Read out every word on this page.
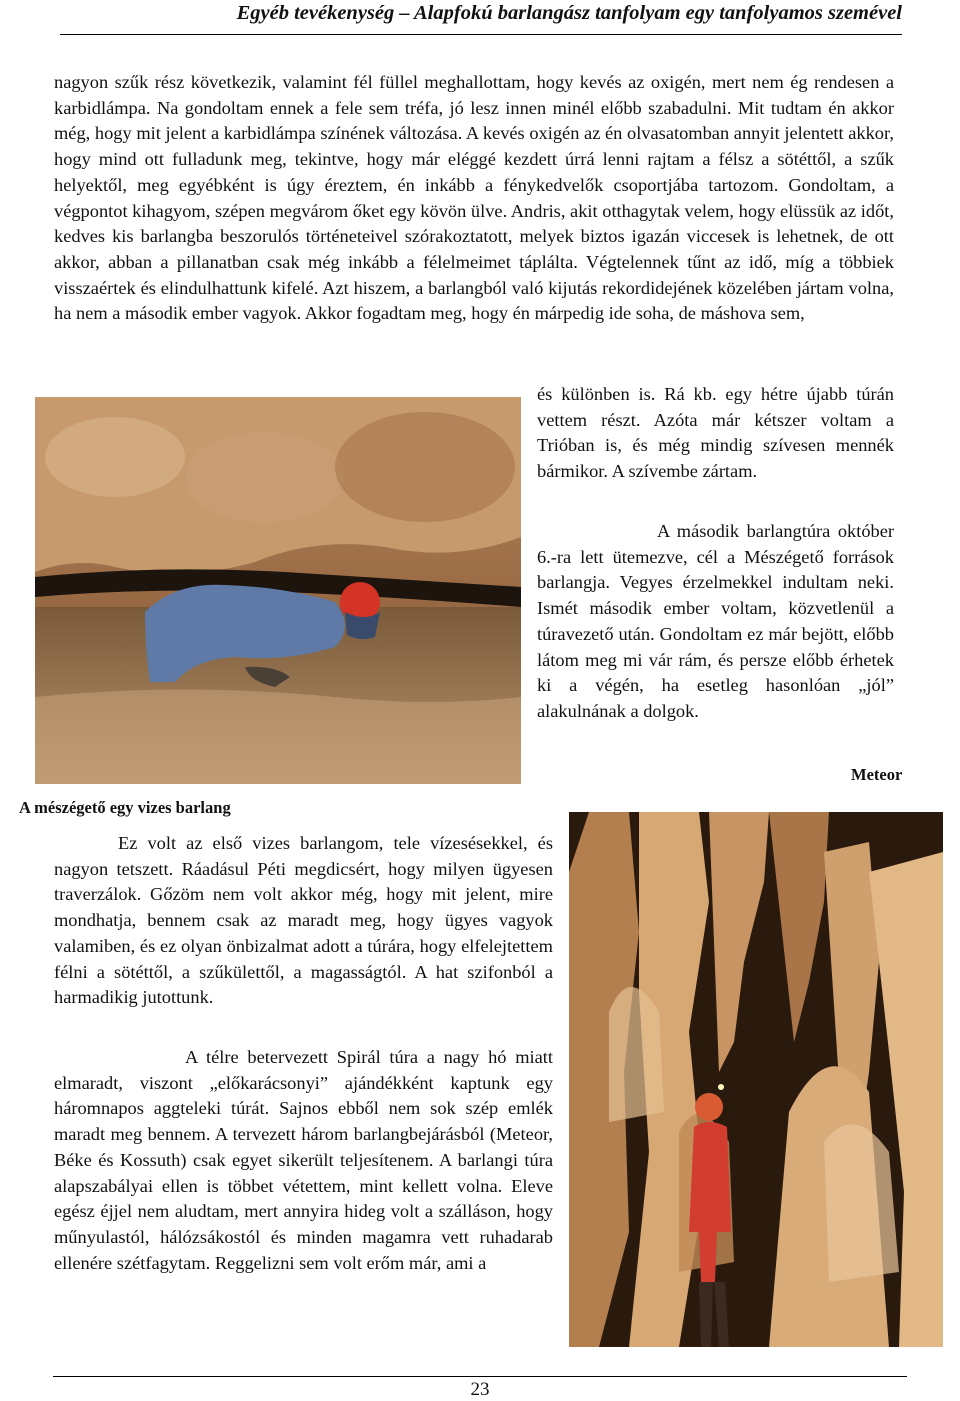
Egyéb tevékenység – Alapfokú barlangász tanfolyam egy tanfolyamos szemével

nagyon szűk rész következik, valamint fél füllel meghallottam, hogy kevés az oxigén, mert nem ég rendesen a karbidlámpa. Na gondoltam ennek a fele sem tréfa, jó lesz innen minél előbb szabadulni. Mit tudtam én akkor még, hogy mit jelent a karbidlámpa színének változása. A kevés oxigén az én olvasatomban annyit jelentett akkor, hogy mind ott fulladunk meg, tekintve, hogy már eléggé kezdett úrrá lenni rajtam a félsz a sötéttől, a szűk helyektől, meg egyébként is úgy éreztem, én inkább a fénykedvelők csoportjába tartozom. Gondoltam, a végpontot kihagyom, szépen megvárom őket egy kövön ülve. Andris, akit otthagytak velem, hogy elüssük az időt, kedves kis barlangba beszorulós történeteivel szórakoztatott, melyek biztos igazán viccesek is lehetnek, de ott akkor, abban a pillanatban csak még inkább a félelmeimet táplálta. Végtelennek tűnt az idő, míg a többiek visszaértek és elindulhattunk kifelé. Azt hiszem, a barlangból való kijutás rekordidejének közelében jártam volna, ha nem a második ember vagyok. Akkor fogadtam meg, hogy én márpedig ide soha, de máshova sem,

és különben is. Rá kb. egy hétre újabb túrán vettem részt. Azóta már kétszer voltam a Trióban is, és még mindig szívesen mennék bármikor. A szívembe zártam.

A második barlangtúra október 6.-ra lett ütemezve, cél a Mészégető források barlangja. Vegyes érzelmekkel indultam neki. Ismét második ember voltam, közvetlenül a túravezető után. Gondoltam ez már bejött, előbb látom meg mi vár rám, és persze előbb érhetek ki a végén, ha esetleg hasonlóan „jól” alakulnának a dolgok.

Meteor
A mészégető egy vizes barlang

Ez volt az első vizes barlangom, tele vízesésekkel, és nagyon tetszett. Ráadásul Péti megdicsért, hogy milyen ügyesen traverzálok. Gőzöm nem volt akkor még, hogy mit jelent, mire mondhatja, bennem csak az maradt meg, hogy ügyes vagyok valamiben, és ez olyan önbizalmat adott a túrára, hogy elfelejtettem félni a sötéttől, a szűkülettől, a magasságtól. A hat szifonból a harmadikig jutottunk.

A télre betervezett Spirál túra a nagy hó miatt elmaradt, viszont „előkarácsonyi” ajándékként kaptunk egy háromnapos aggteleki túrát. Sajnos ebből nem sok szép emlék maradt meg bennem. A tervezett három barlangbejárásból (Meteor, Béke és Kossuth) csak egyet sikerült teljesítenem. A barlangi túra alapszabályai ellen is többet vétettem, mint kellett volna. Eleve egész éjjel nem aludtam, mert annyira hideg volt a szálláson, hogy műnyulastól, hálózsákostól és minden magamra vett ruhadarab ellenére szétfagytam. Reggelizni sem volt erőm már, ami a

23
